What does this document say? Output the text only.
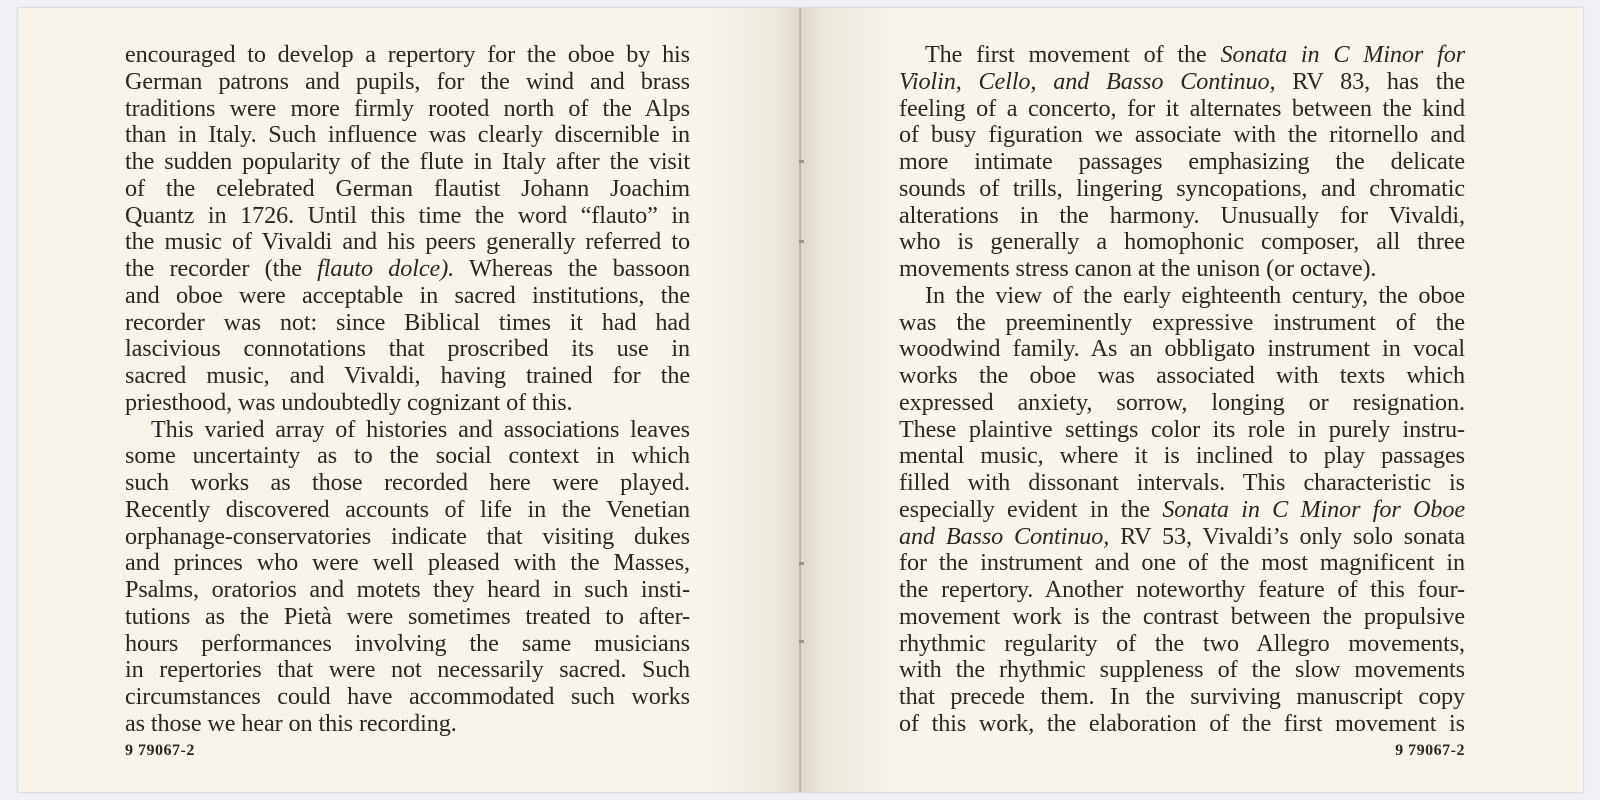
encouraged to develop a repertory for the oboe by his
German patrons and pupils, for the wind and brass
traditions were more firmly rooted north of the Alps
than in Italy. Such influence was clearly discernible in
the sudden popularity of the flute in Italy after the visit
of the celebrated German flautist Johann Joachim
Quantz in 1726. Until this time the word “flauto” in
the music of Vivaldi and his peers generally referred to
the recorder (the flauto dolce). Whereas the bassoon
and oboe were acceptable in sacred institutions, the
recorder was not: since Biblical times it had had
lascivious connotations that proscribed its use in
sacred music, and Vivaldi, having trained for the
priesthood, was undoubtedly cognizant of this.
This varied array of histories and associations leaves
some uncertainty as to the social context in which
such works as those recorded here were played.
Recently discovered accounts of life in the Venetian
orphanage-conservatories indicate that visiting dukes
and princes who were well pleased with the Masses,
Psalms, oratorios and motets they heard in such insti-
tutions as the Pietà were sometimes treated to after-
hours performances involving the same musicians
in repertories that were not necessarily sacred. Such
circumstances could have accommodated such works
as those we hear on this recording.
9 79067-2
The first movement of the Sonata in C Minor for
Violin, Cello, and Basso Continuo, RV 83, has the
feeling of a concerto, for it alternates between the kind
of busy figuration we associate with the ritornello and
more intimate passages emphasizing the delicate
sounds of trills, lingering syncopations, and chromatic
alterations in the harmony. Unusually for Vivaldi,
who is generally a homophonic composer, all three
movements stress canon at the unison (or octave).
In the view of the early eighteenth century, the oboe
was the preeminently expressive instrument of the
woodwind family. As an obbligato instrument in vocal
works the oboe was associated with texts which
expressed anxiety, sorrow, longing or resignation.
These plaintive settings color its role in purely instru-
mental music, where it is inclined to play passages
filled with dissonant intervals. This characteristic is
especially evident in the Sonata in C Minor for Oboe
and Basso Continuo, RV 53, Vivaldi’s only solo sonata
for the instrument and one of the most magnificent in
the repertory. Another noteworthy feature of this four-
movement work is the contrast between the propulsive
rhythmic regularity of the two Allegro movements,
with the rhythmic suppleness of the slow movements
that precede them. In the surviving manuscript copy
of this work, the elaboration of the first movement is
9 79067-2
